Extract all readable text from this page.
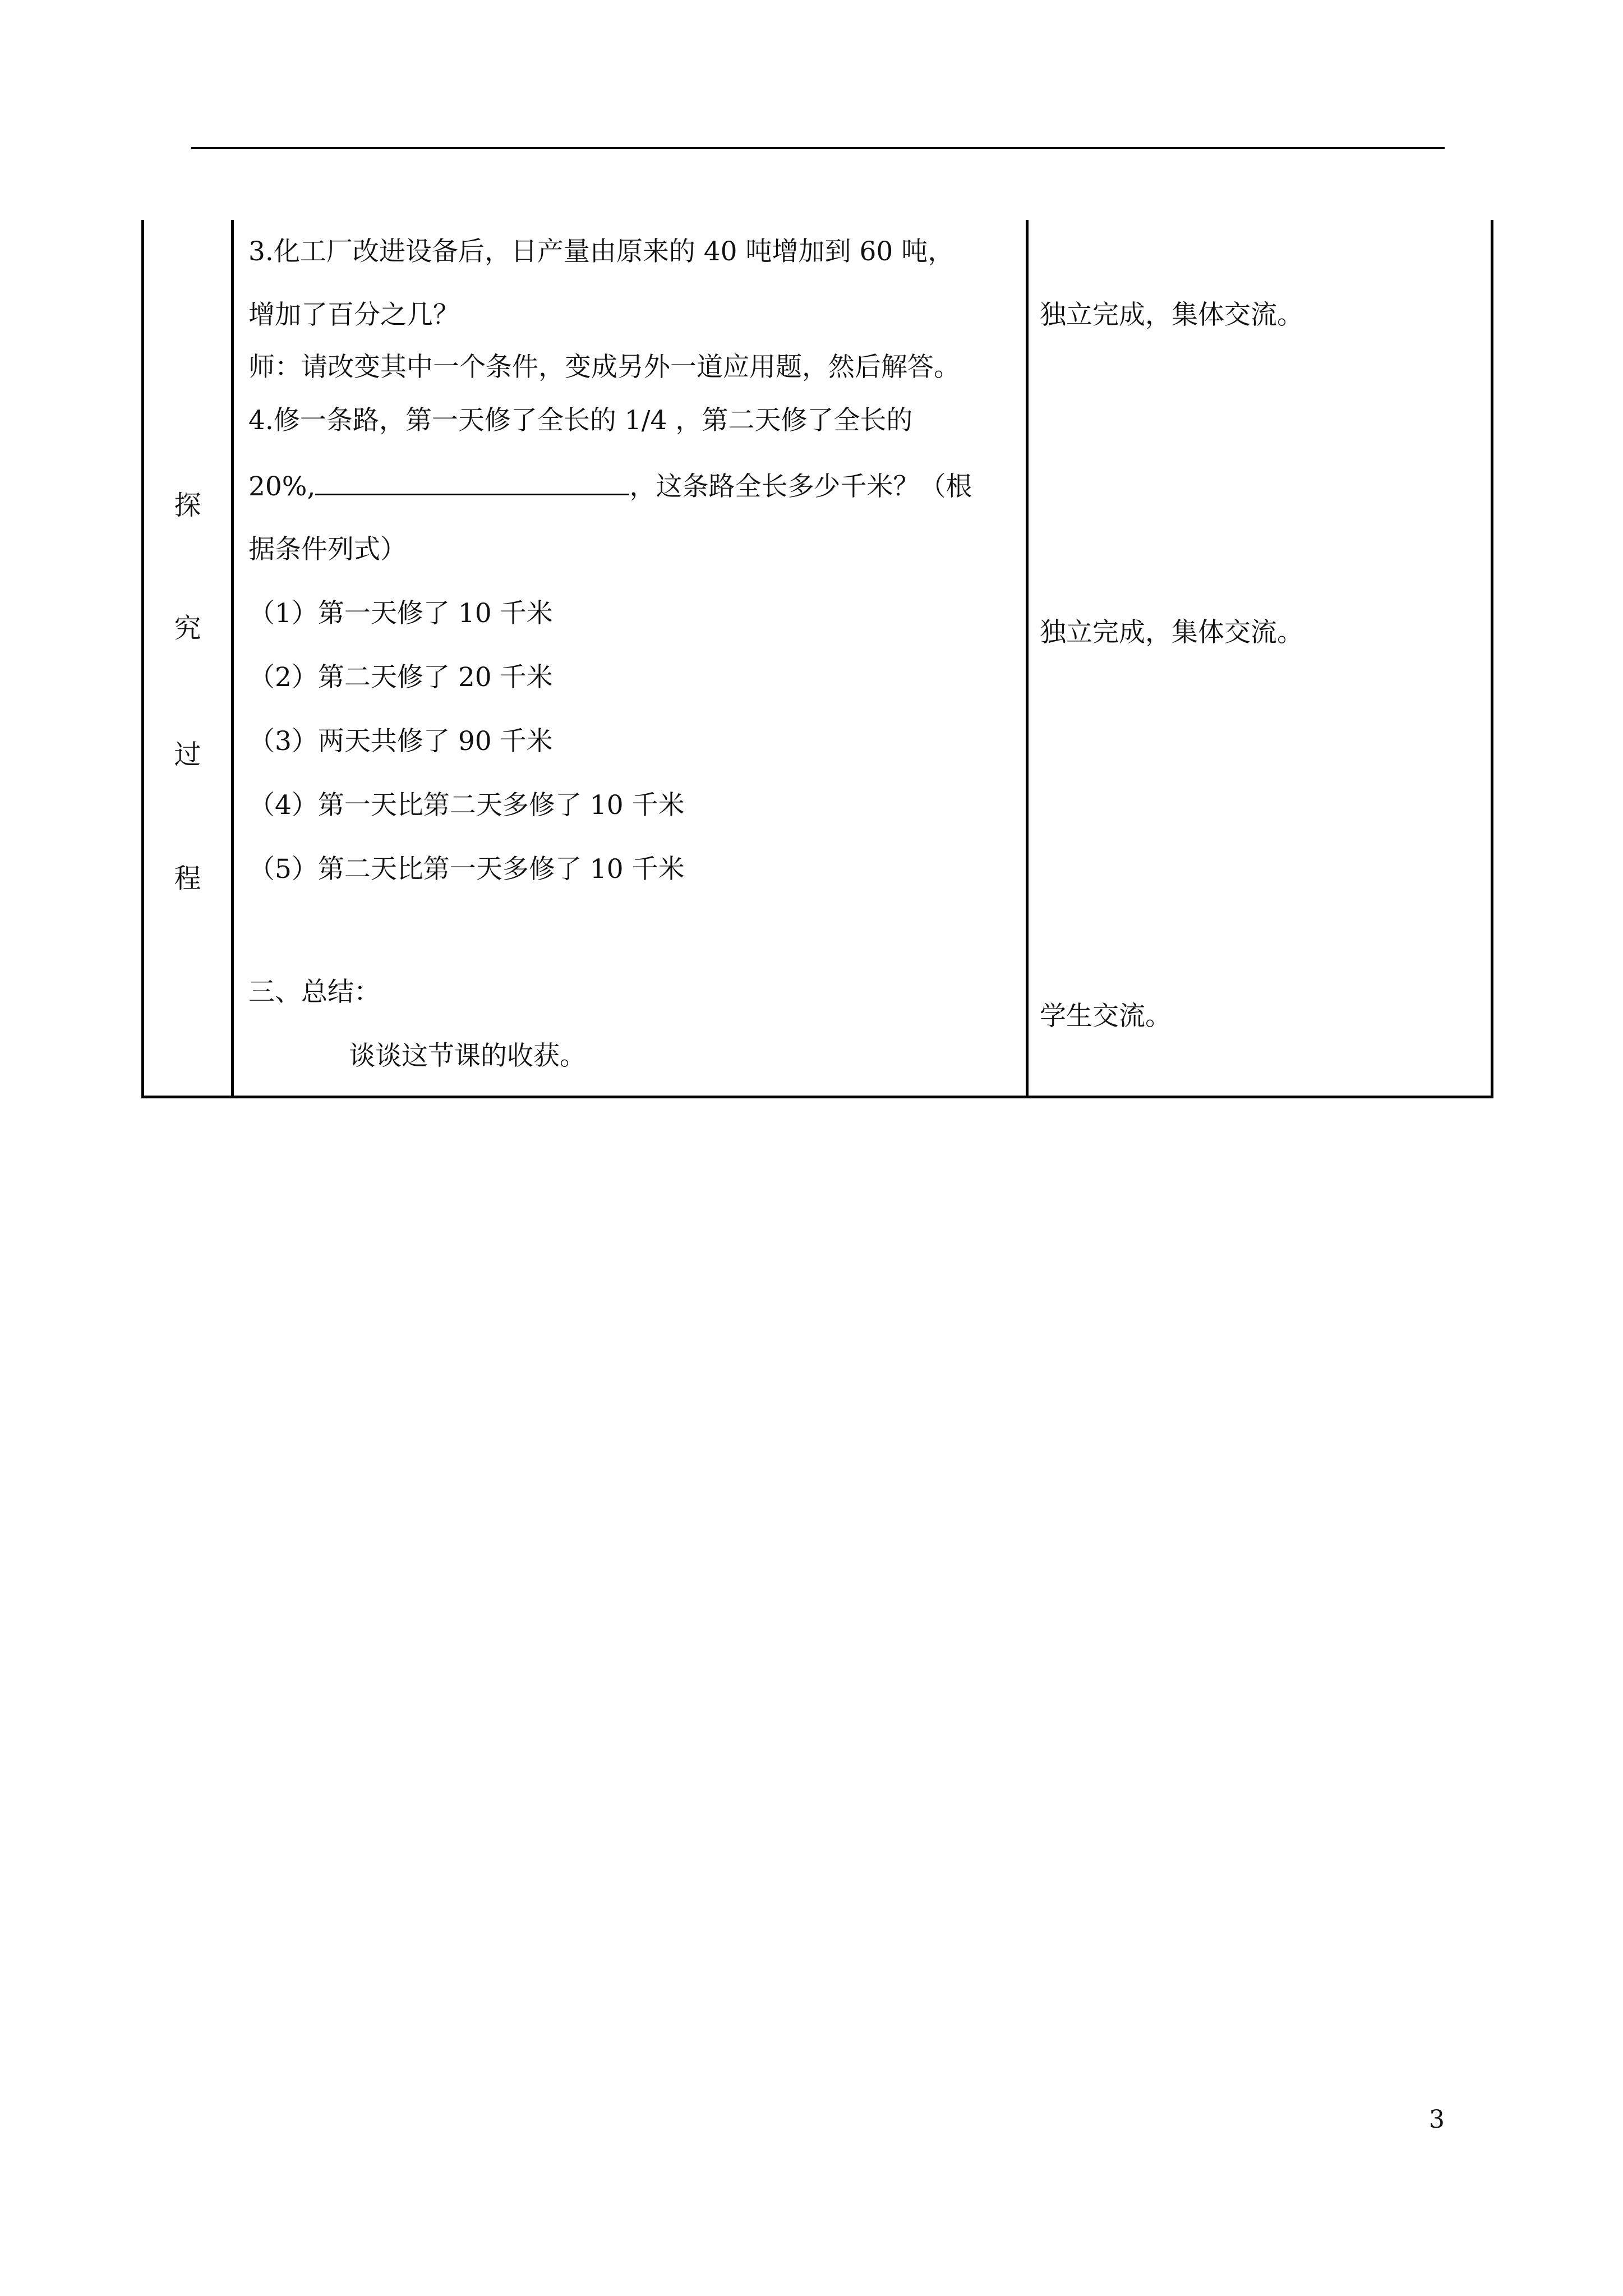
探
究
过
程
3.化工厂改进设备后，日产量由原来的 40 吨增加到 60 吨，
增加了百分之几？
师：请改变其中一个条件，变成另外一道应用题，然后解答。
4.修一条路，第一天修了全长的 1/4 ，第二天修了全长的
20%,	，这条路全长多少千米？（根
据条件列式）
（1）第一天修了 10 千米
（2）第二天修了 20 千米
（3）两天共修了 90 千米
（4）第一天比第二天多修了 10 千米
（5）第二天比第一天多修了 10 千米
三、总结：
谈谈这节课的收获。
独立完成，集体交流。
独立完成，集体交流。
学生交流。
3
